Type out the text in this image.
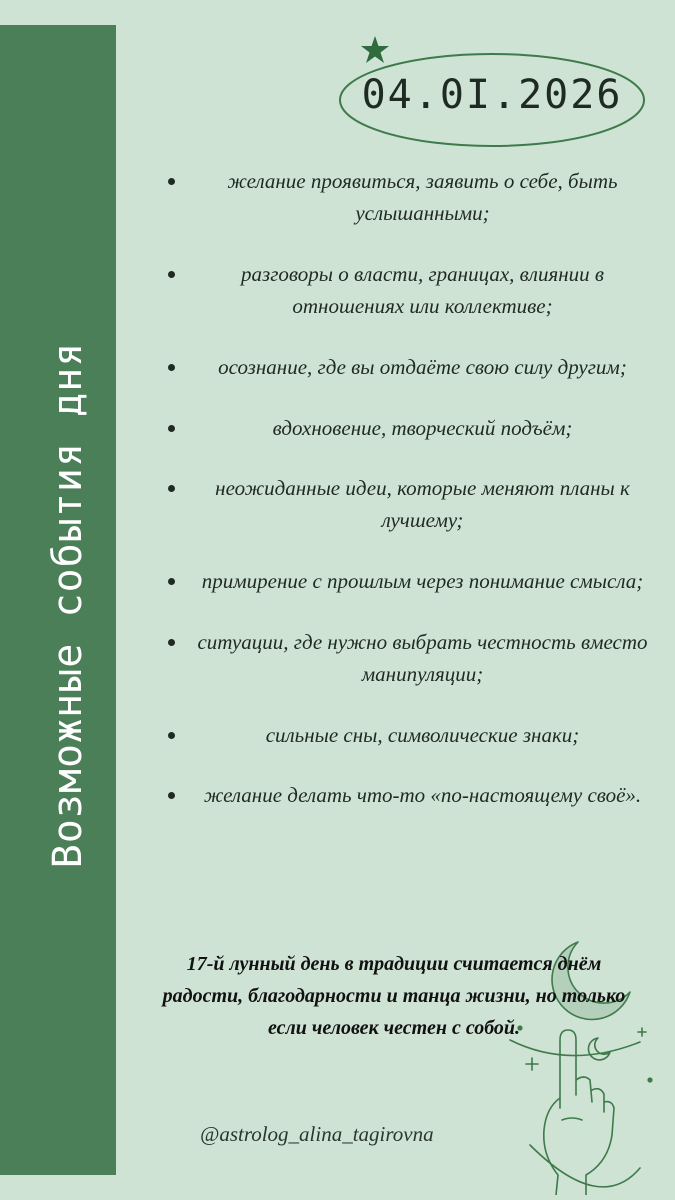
Возможные события дня
04.0I.2026
желание проявиться, заявить о себе, быть услышанными;
разговоры о власти, границах, влиянии в отношениях или коллективе;
осознание, где вы отдаёте свою силу другим;
вдохновение, творческий подъём;
неожиданные идеи, которые меняют планы к лучшему;
примирение с прошлым через понимание смысла;
ситуации, где нужно выбрать честность вместо манипуляции;
сильные сны, символические знаки;
желание делать что-то «по-настоящему своё».
17-й лунный день в традиции считается днём радости, благодарности и танца жизни, но только если человек честен с собой.
@astrolog_alina_tagirovna
